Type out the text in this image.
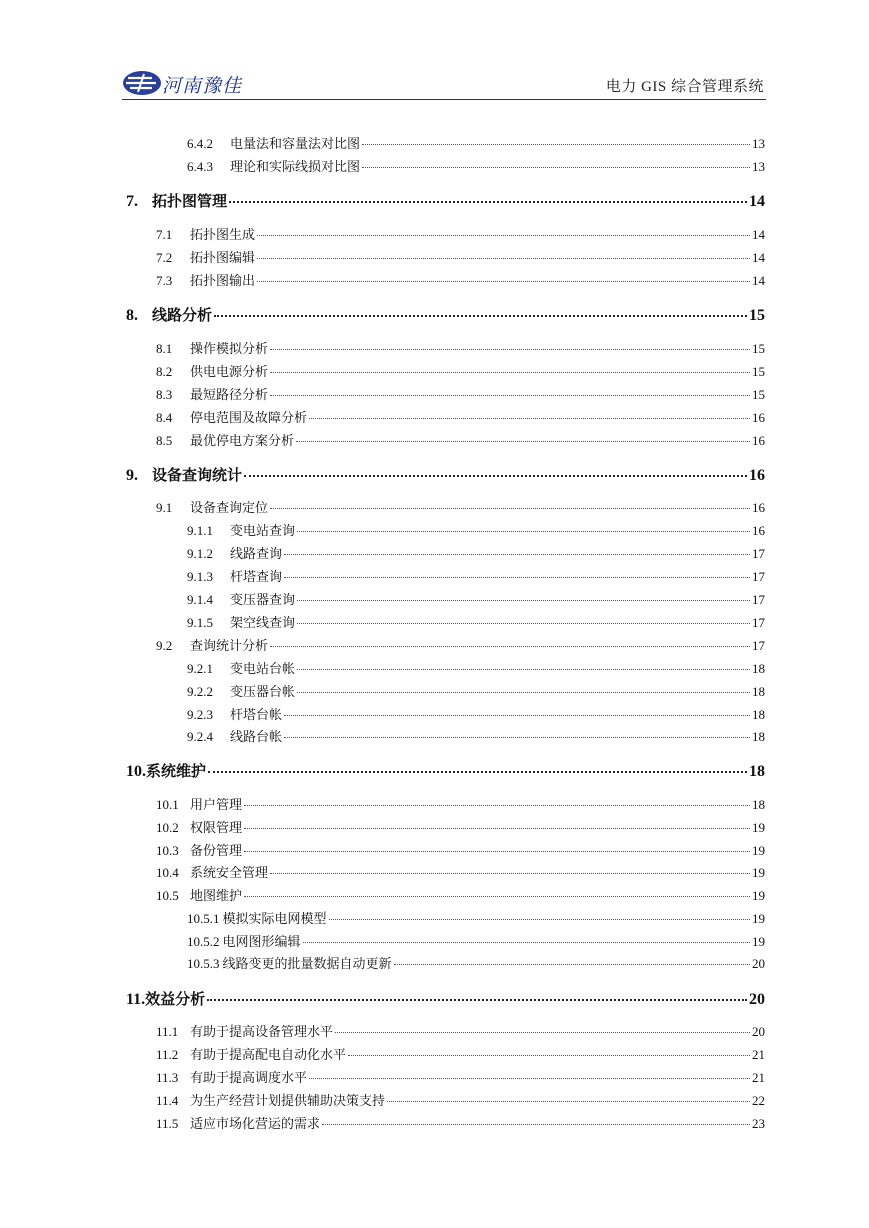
河南豫佳	电力 GIS 综合管理系统
6.4.2	电量法和容量法对比图	13
6.4.3	理论和实际线损对比图	13
7. 拓扑图管理	14
7.1	拓扑图生成	14
7.2	拓扑图编辑	14
7.3	拓扑图输出	14
8. 线路分析	15
8.1	操作模拟分析	15
8.2	供电电源分析	15
8.3	最短路径分析	15
8.4	停电范围及故障分析	16
8.5	最优停电方案分析	16
9. 设备查询统计	16
9.1	设备查询定位	16
9.1.1	变电站查询	16
9.1.2	线路查询	17
9.1.3	杆塔查询	17
9.1.4	变压器查询	17
9.1.5	架空线查询	17
9.2	查询统计分析	17
9.2.1	变电站台帐	18
9.2.2	变压器台帐	18
9.2.3	杆塔台帐	18
9.2.4	线路台帐	18
10. 系统维护	18
10.1 用户管理	18
10.2 权限管理	19
10.3 备份管理	19
10.4 系统安全管理	19
10.5 地图维护	19
10.5.1 模拟实际电网模型	19
10.5.2 电网图形编辑	19
10.5.3 线路变更的批量数据自动更新	20
11. 效益分析	20
11.1 有助于提高设备管理水平	20
11.2 有助于提高配电自动化水平	21
11.3 有助于提高调度水平	21
11.4 为生产经营计划提供辅助决策支持	22
11.5 适应市场化营运的需求	23
